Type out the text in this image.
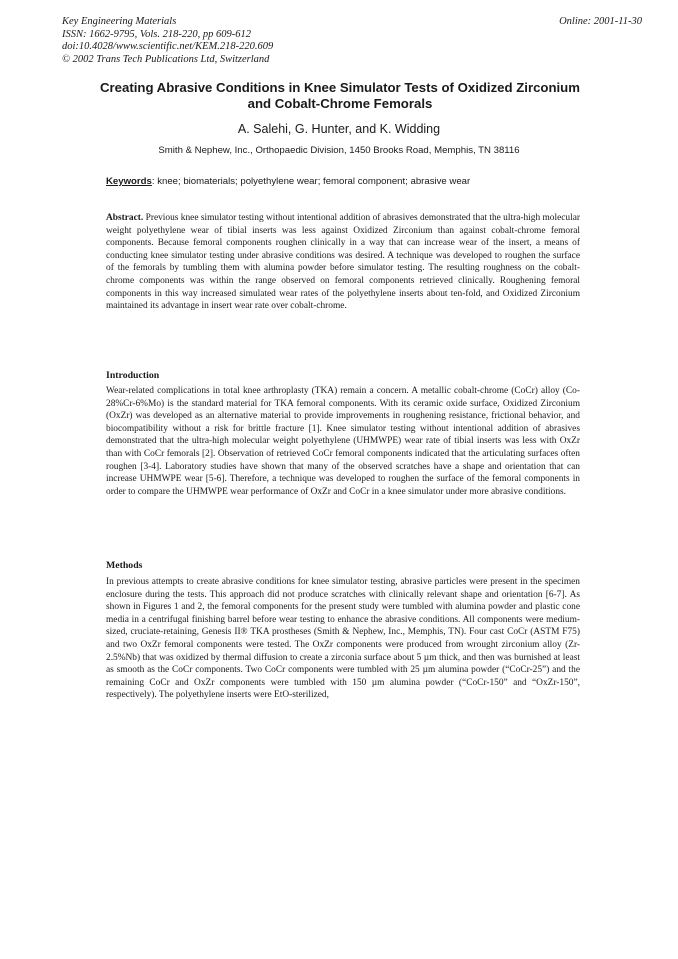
Key Engineering Materials
ISSN: 1662-9795, Vols. 218-220, pp 609-612
doi:10.4028/www.scientific.net/KEM.218-220.609
© 2002 Trans Tech Publications Ltd, Switzerland
Online: 2001-11-30
Creating Abrasive Conditions in Knee Simulator Tests of Oxidized Zirconium and Cobalt-Chrome Femorals
A. Salehi, G. Hunter, and K. Widding
Smith & Nephew, Inc., Orthopaedic Division, 1450 Brooks Road, Memphis, TN 38116
Keywords: knee; biomaterials; polyethylene wear; femoral component; abrasive wear

Abstract. Previous knee simulator testing without intentional addition of abrasives demonstrated that the ultra-high molecular weight polyethylene wear of tibial inserts was less against Oxidized Zirconium than against cobalt-chrome femoral components. Because femoral components roughen clinically in a way that can increase wear of the insert, a means of conducting knee simulator testing under abrasive conditions was desired. A technique was developed to roughen the surface of the femorals by tumbling them with alumina powder before simulator testing. The resulting roughness on the cobalt-chrome components was within the range observed on femoral components retrieved clinically. Roughening femoral components in this way increased simulated wear rates of the polyethylene inserts about ten-fold, and Oxidized Zirconium maintained its advantage in insert wear rate over cobalt-chrome.

Introduction

Wear-related complications in total knee arthroplasty (TKA) remain a concern. A metallic cobalt-chrome (CoCr) alloy (Co-28%Cr-6%Mo) is the standard material for TKA femoral components. With its ceramic oxide surface, Oxidized Zirconium (OxZr) was developed as an alternative material to provide improvements in roughening resistance, frictional behavior, and biocompatibility without a risk for brittle fracture [1]. Knee simulator testing without intentional addition of abrasives demonstrated that the ultra-high molecular weight polyethylene (UHMWPE) wear rate of tibial inserts was less with OxZr than with CoCr femorals [2]. Observation of retrieved CoCr femoral components indicated that the articulating surfaces often roughen [3-4]. Laboratory studies have shown that many of the observed scratches have a shape and orientation that can increase UHMWPE wear [5-6]. Therefore, a technique was developed to roughen the surface of the femoral components in order to compare the UHMWPE wear performance of OxZr and CoCr in a knee simulator under more abrasive conditions.

Methods

In previous attempts to create abrasive conditions for knee simulator testing, abrasive particles were present in the specimen enclosure during the tests. This approach did not produce scratches with clinically relevant shape and orientation [6-7]. As shown in Figures 1 and 2, the femoral components for the present study were tumbled with alumina powder and plastic cone media in a centrifugal finishing barrel before wear testing to enhance the abrasive conditions. All components were medium-sized, cruciate-retaining, Genesis II® TKA prostheses (Smith & Nephew, Inc., Memphis, TN). Four cast CoCr (ASTM F75) and two OxZr femoral components were tested. The OxZr components were produced from wrought zirconium alloy (Zr-2.5%Nb) that was oxidized by thermal diffusion to create a zirconia surface about 5 µm thick, and then was burnished at least as smooth as the CoCr components. Two CoCr components were tumbled with 25 µm alumina powder (“CoCr-25”) and the remaining CoCr and OxZr components were tumbled with 150 µm alumina powder (“CoCr-150” and “OxZr-150”, respectively). The polyethylene inserts were EtO-sterilized,
